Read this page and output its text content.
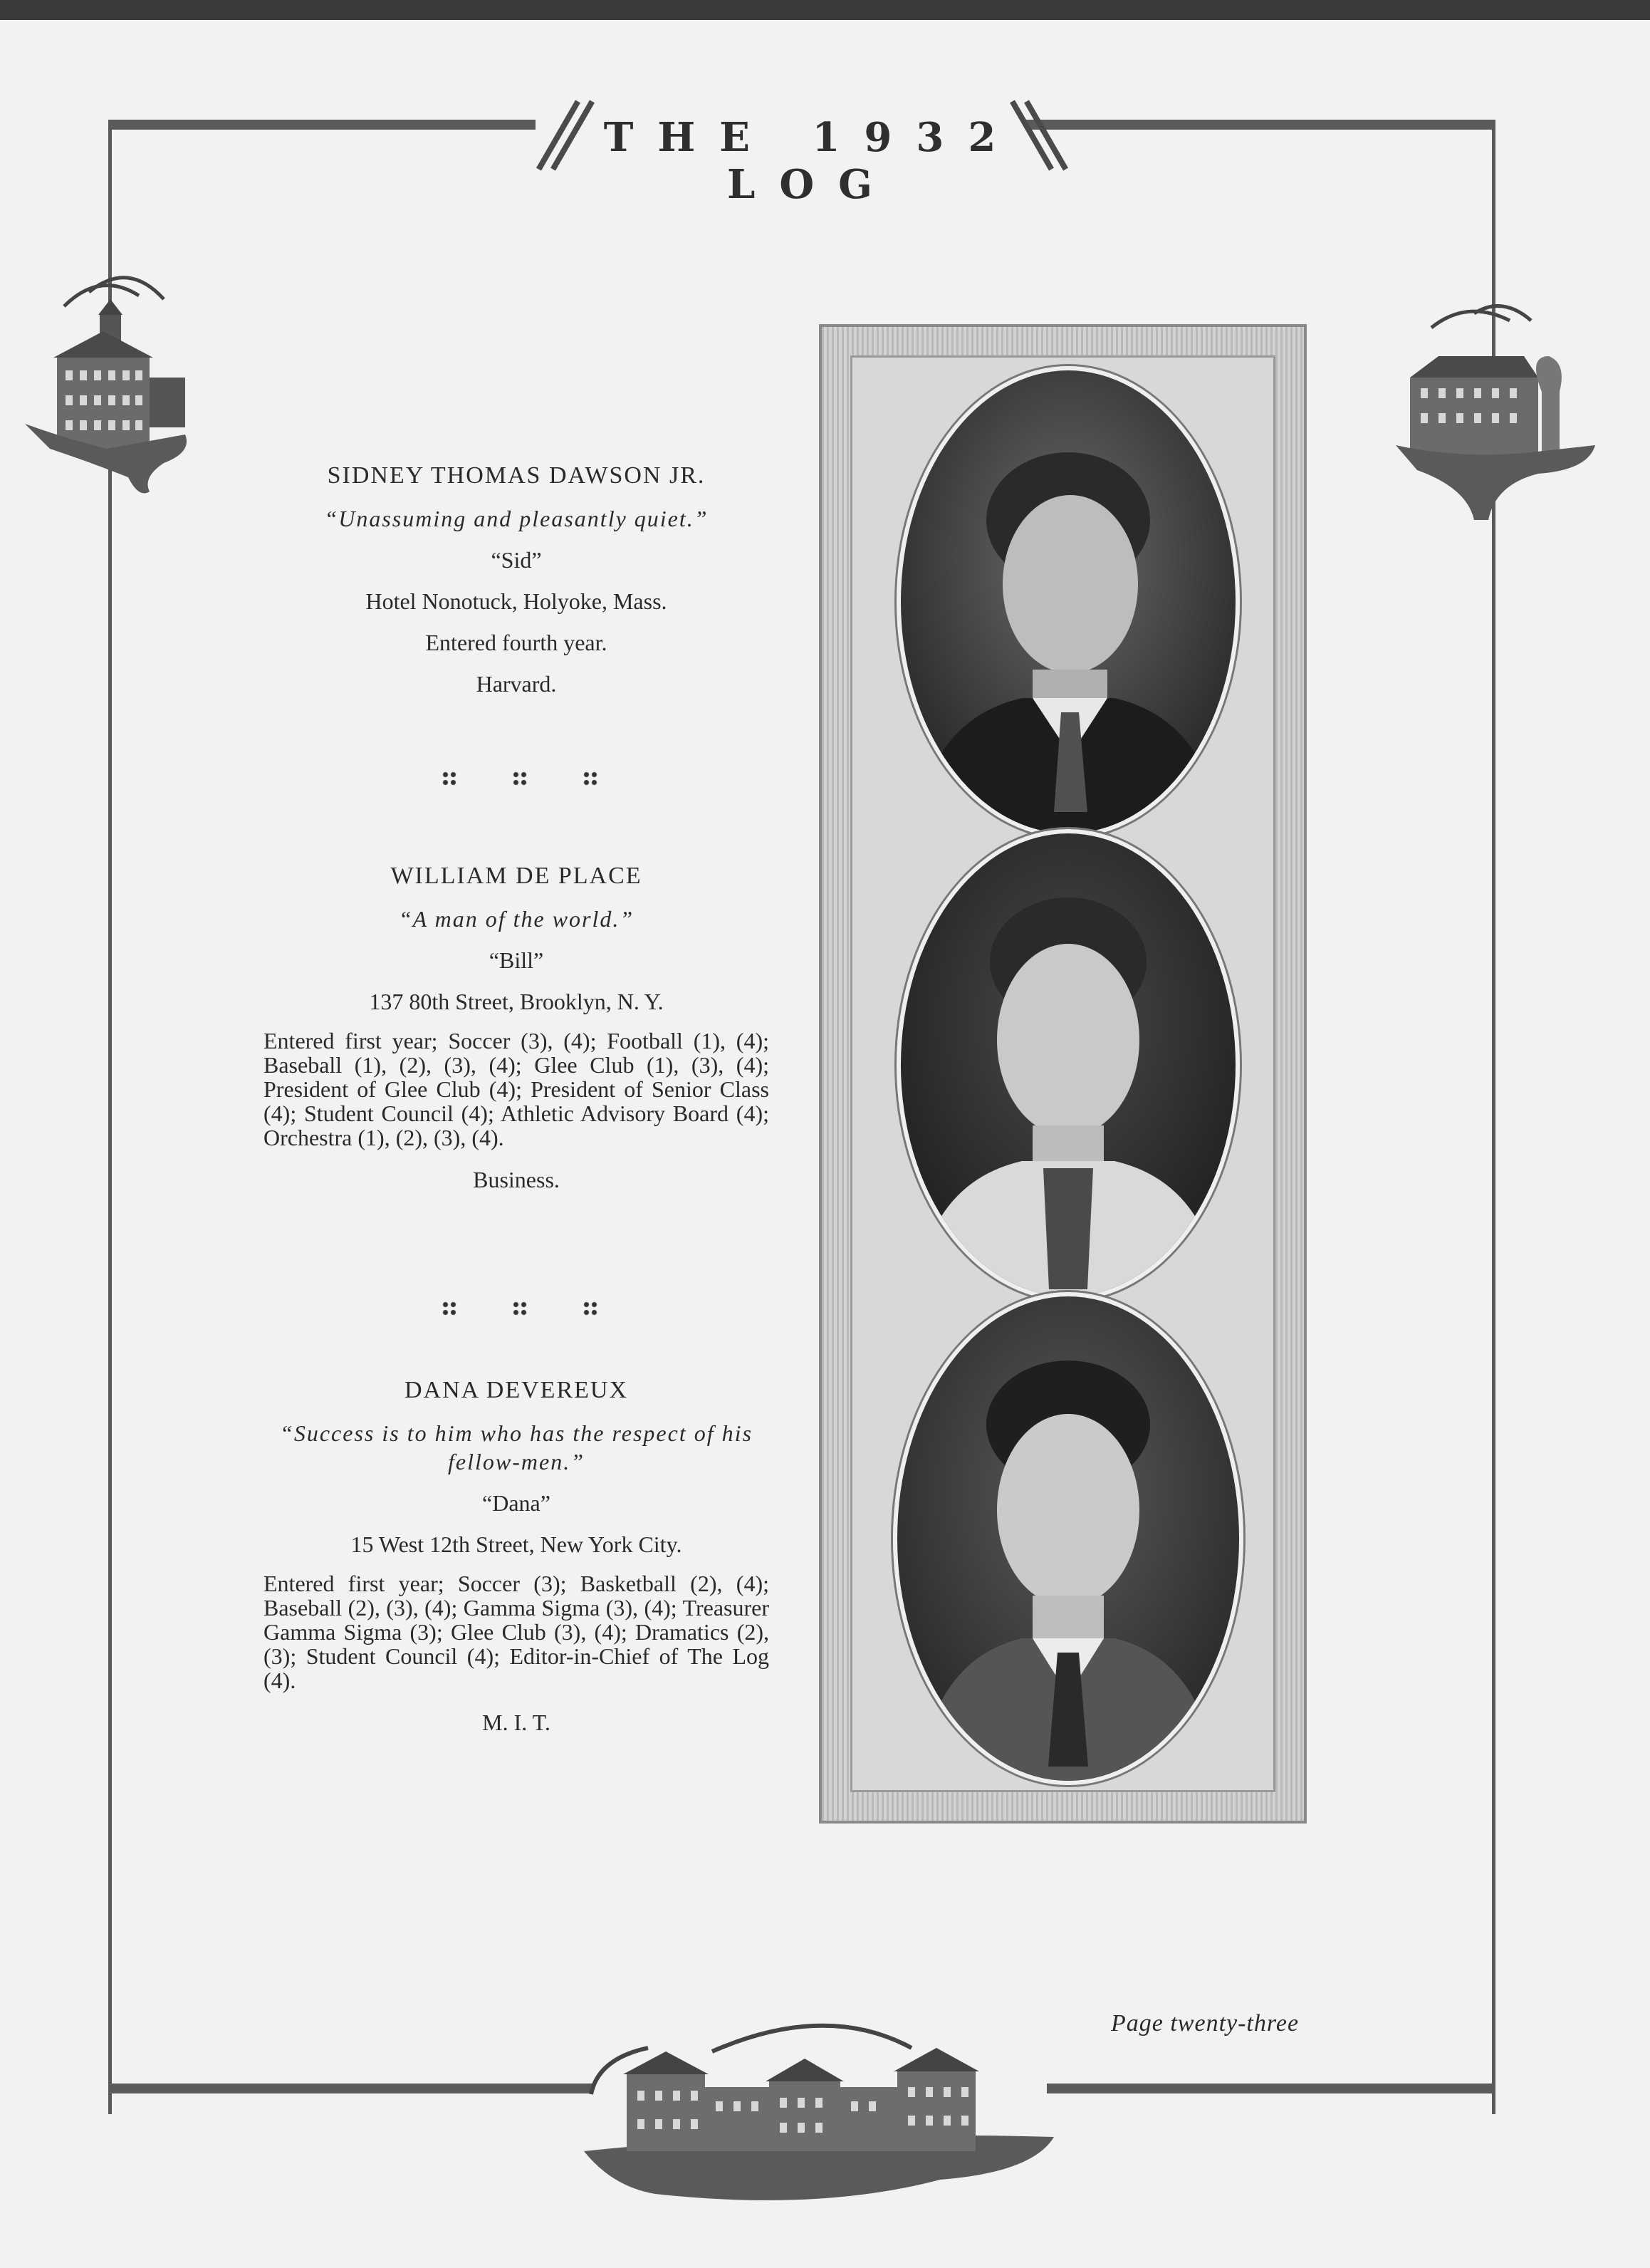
THE 1932 LOG
SIDNEY THOMAS DAWSON JR.
“Unassuming and pleasantly quiet.”
“Sid”
Hotel Nonotuck, Holyoke, Mass.
Entered fourth year.
Harvard.
WILLIAM DE PLACE
“A man of the world.”
“Bill”
137 80th Street, Brooklyn, N. Y.
Entered first year; Soccer (3), (4); Football (1), (4); Baseball (1), (2), (3), (4); Glee Club (1), (3), (4); President of Glee Club (4); President of Senior Class (4); Student Council (4); Athletic Advisory Board (4); Orchestra (1), (2), (3), (4).
Business.
DANA DEVEREUX
“Success is to him who has the respect of his fellow-men.”
“Dana”
15 West 12th Street, New York City.
Entered first year; Soccer (3); Basketball (2), (4); Baseball (2), (3), (4); Gamma Sigma (3), (4); Treasurer Gamma Sigma (3); Glee Club (3), (4); Dramatics (2), (3); Student Council (4); Editor-in-Chief of The Log (4).
M. I. T.
Page twenty-three
